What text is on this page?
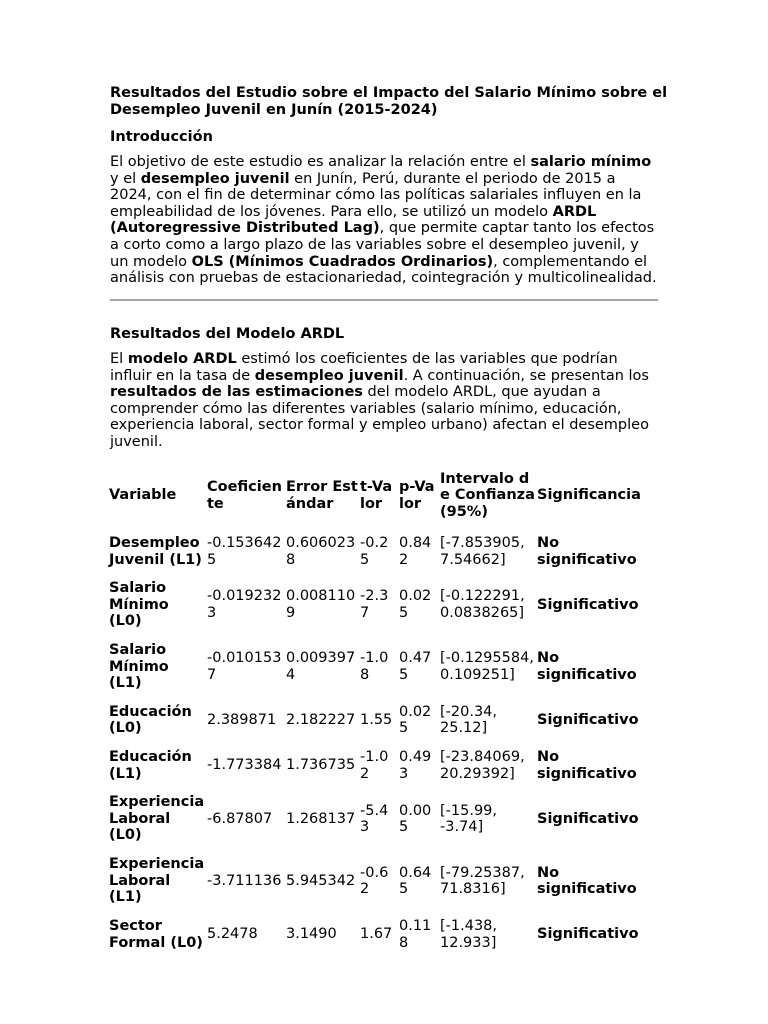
Resultados del Estudio sobre el Impacto del Salario Mínimo sobre el Desempleo Juvenil en Junín (2015-2024)
Introducción

El objetivo de este estudio es analizar la relación entre el salario mínimo y el desempleo juvenil en Junín, Perú, durante el periodo de 2015 a 2024, con el fin de determinar cómo las políticas salariales influyen en la empleabilidad de los jóvenes. Para ello, se utilizó un modelo ARDL (Autoregressive Distributed Lag), que permite captar tanto los efectos a corto como a largo plazo de las variables sobre el desempleo juvenil, y un modelo OLS (Mínimos Cuadrados Ordinarios), complementando el análisis con pruebas de estacionariedad, cointegración y multicolinealidad.

Resultados del Modelo ARDL

El modelo ARDL estimó los coeficientes de las variables que podrían influir en la tasa de desempleo juvenil. A continuación, se presentan los resultados de las estimaciones del modelo ARDL, que ayudan a comprender cómo las diferentes variables (salario mínimo, educación, experiencia laboral, sector formal y empleo urbano) afectan el desempleo juvenil.

Variable	Coeficiente	Error Estándar	t-Valor	p-Valor	Intervalo de Confianza (95%)	Significancia
Desempleo Juvenil (L1)	-0.1536425	0.6060238	-0.25	0.842	[-7.853905, 7.54662]	No significativo
Salario Mínimo (L0)	-0.0192323	0.0081109	-2.37	0.025	[-0.122291, 0.0838265]	Significativo
Salario Mínimo (L1)	-0.0101537	0.0093974	-1.08	0.475	[-0.1295584, 0.109251]	No significativo
Educación (L0)	2.389871	2.182227	1.55	0.025	[-20.34, 25.12]	Significativo
Educación (L1)	-1.773384	1.736735	-1.02	0.493	[-23.84069, 20.29392]	No significativo
Experiencia Laboral (L0)	-6.87807	1.268137	-5.43	0.005	[-15.99, -3.74]	Significativo
Experiencia Laboral (L1)	-3.711136	5.945342	-0.62	0.645	[-79.25387, 71.8316]	No significativo
Sector Formal (L0)	5.2478	3.1490	1.67	0.118	[-1.438, 12.933]	Significativo
